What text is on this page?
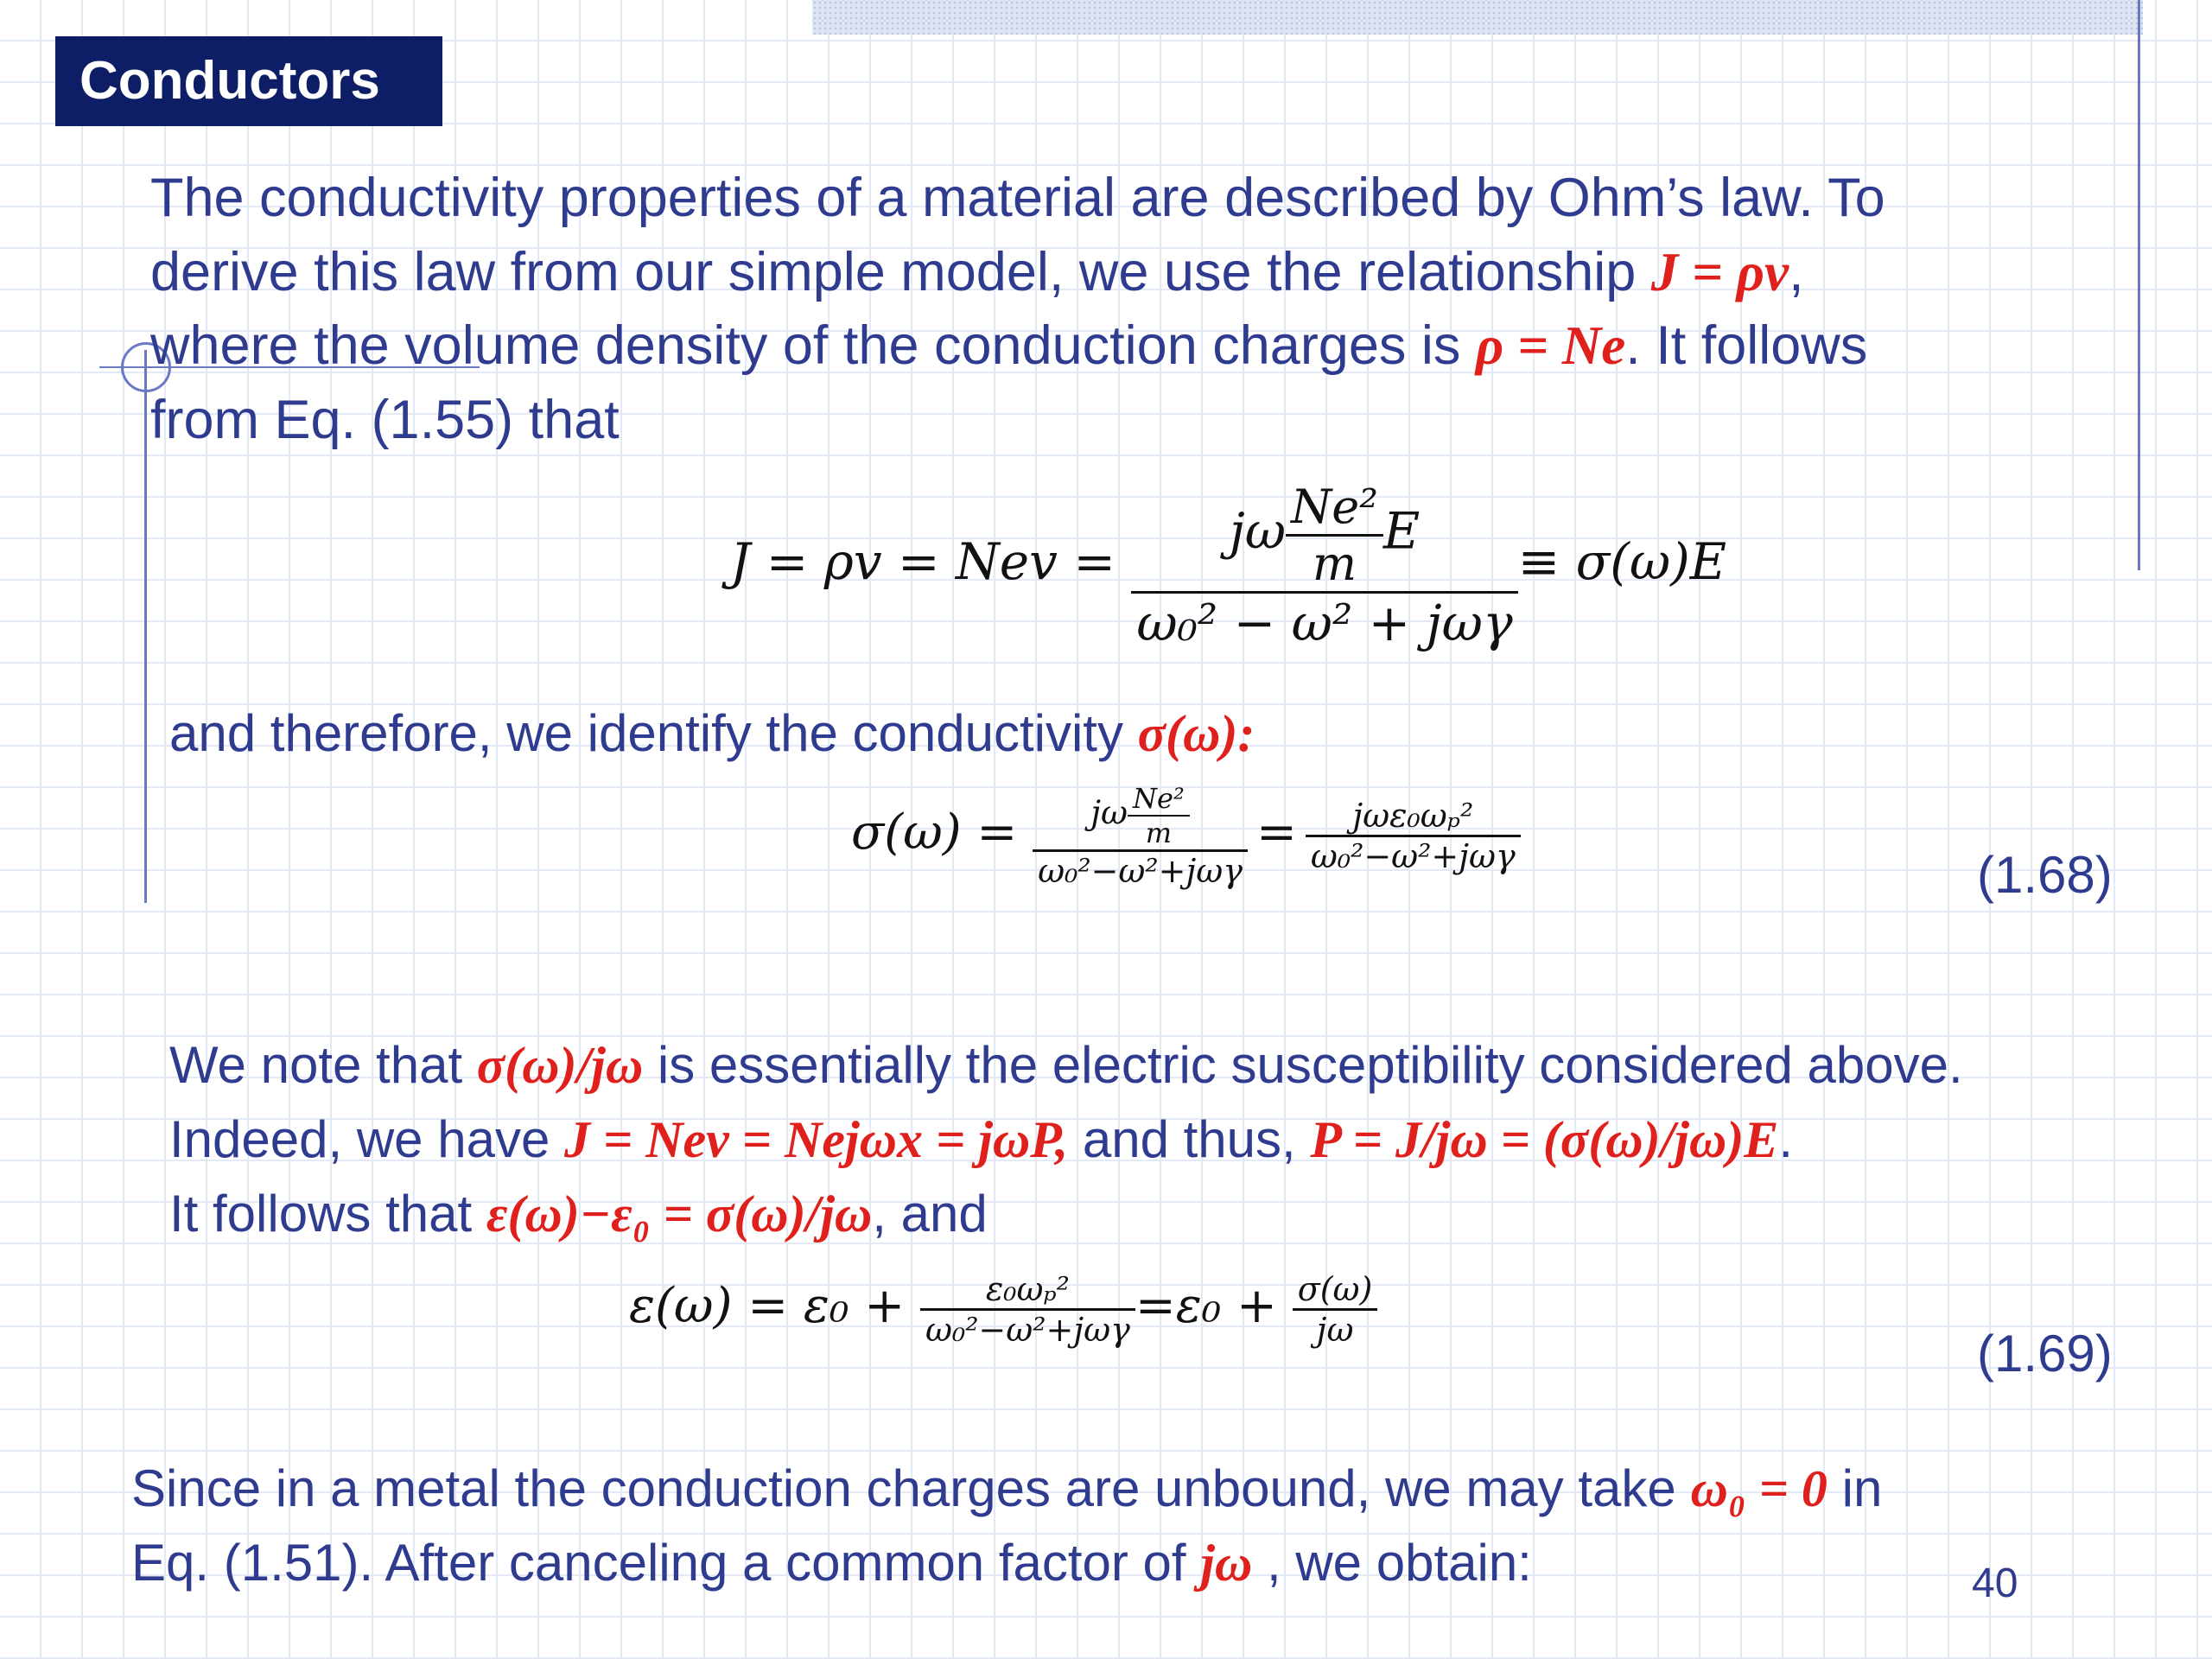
Conductors
The conductivity properties of a material are described by Ohm’s law. To
derive this law from our simple model, we use the relationship J = ρv,
where the volume density of the conduction charges is ρ = Ne. It follows
from Eq. (1.55) that
J = ρv = Nev = $\frac{j\omega \frac{\text{Ne²}}{m} E}{\text{ω₀² − ω² + jωγ}} \equiv \sigma(\omega)E$
and therefore, we identify the conductivity σ(ω):
$\sigma(\omega) = \frac{j\omega \frac{\text{Ne²}}{m}}{\text{ω₀²−ω²+jωγ}} = \frac{\text{jωε₀ωₚ²}}{\text{ω₀²−ω²+jωγ}}$	(1.68)
We note that σ(ω)/jω is essentially the electric susceptibility considered above.
Indeed, we have J = Nev = Nejωx = jωP, and thus, P = J/jω = (σ(ω)/jω)E.
It follows that ε(ω)−ε₀ = σ(ω)/jω, and
$\varepsilon(\omega) = \varepsilon_0 + \frac{\text{ε₀ωₚ²}}{\text{ω₀²−ω²+jωγ}} =\varepsilon_0 + \frac{\sigma(\omega)}{j\omega}$
(1.69)
Since in a metal the conduction charges are unbound, we may take ω₀ = 0 in
Eq. (1.51). After canceling a common factor of jω , we obtain:	40
